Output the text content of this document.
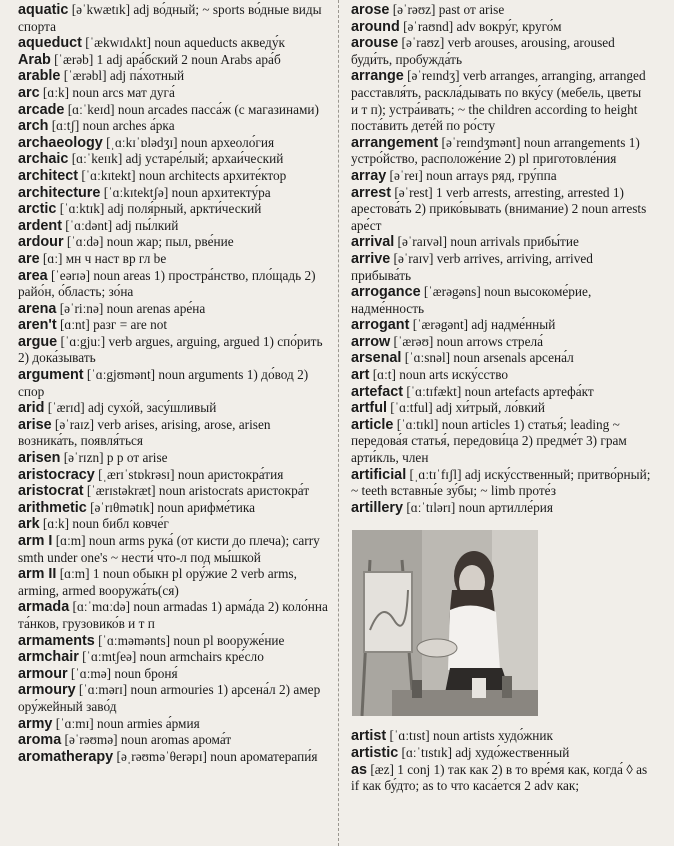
aquatic [əˈkwætɪk] adj во́дный; ~ sports во́дные виды спорта
aqueduct [ˈækwɪdʌkt] noun aqueducts акведу́к
Arab [ˈærəb] 1 adj ара́бский 2 noun Arabs ара́б
arable [ˈærəbl] adj па́хотный
arc [ɑːk] noun arcs мат дуга́
arcade [ɑːˈkeɪd] noun arcades пасса́ж (с магазинами)
arch [ɑːtʃ] noun arches а́рка
archaeology [ˌɑːkɪˈɒlədʒɪ] noun археоло́гия
archaic [ɑːˈkeɪɪk] adj устаре́лый; архаи́ческий
architect [ˈɑːkɪtekt] noun architects архите́ктор
architecture [ˈɑːkɪtektʃə] noun архитекту́ра
arctic [ˈɑːktɪk] adj поля́рный, аркти́ческий
ardent [ˈɑːdənt] adj пы́лкий
ardour [ˈɑːdə] noun жар; пыл, рве́ние
are [ɑː] мн ч наст вр гл be
area [ˈeərɪə] noun areas 1) простра́нство, пло́щадь 2) райо́н, о́бласть; зо́на
arena [əˈriːnə] noun arenas аре́на
aren't [ɑːnt] разг = are not
argue [ˈɑːgjuː] verb argues, arguing, argued 1) спо́рить 2) дока́зывать
argument [ˈɑːgjʊmənt] noun arguments 1) до́вод 2) спор
arid [ˈærɪd] adj сухо́й, засу́шливый
arise [əˈraɪz] verb arises, arising, arose, arisen возника́ть, появля́ться
arisen [əˈrɪzn] p p от arise
aristocracy [ˌærɪˈstɒkrəsɪ] noun аристокра́тия
aristocrat [ˈærɪstəkræt] noun aristocrats аристокра́т
arithmetic [əˈrɪθmətɪk] noun арифме́тика
ark [ɑːk] noun библ ковче́г
arm I [ɑːm] noun arms рука́ (от кисти до плеча); carry smth under one's ~ нести́ что-л под мы́шкой
arm II [ɑːm] 1 noun обыкн pl ору́жие 2 verb arms, arming, armed вооружа́ть(ся)
armada [ɑːˈmɑːdə] noun armadas 1) арма́да 2) коло́нна та́нков, грузовико́в и т п
armaments [ˈɑːməmənts] noun pl вооруже́ние
armchair [ˈɑːmtʃeə] noun armchairs кре́сло
armour [ˈɑːmə] noun броня́
armoury [ˈɑːmərɪ] noun armouries 1) арсена́л 2) амер ору́жейный заво́д
army [ˈɑːmɪ] noun armies а́рмия
aroma [əˈrəʊmə] noun aromas арома́т
aromatherapy [əˌrəʊməˈθerəpɪ] noun ароматерапи́я
arose [əˈrəʊz] past от arise
around [əˈraʊnd] adv вокру́г, круго́м
arouse [əˈraʊz] verb arouses, arousing, aroused буди́ть, пробужда́ть
arrange [əˈreɪndʒ] verb arranges, arranging, arranged расставля́ть, раскла́дывать по вку́су (мебель, цветы и т п); устра́ивать; ~ the children according to height поста́вить дете́й по ро́сту
arrangement [əˈreɪndʒmənt] noun arrangements 1) устро́йство, расположе́ние 2) pl приготовле́ния
array [əˈreɪ] noun arrays ряд, гру́ппа
arrest [əˈrest] 1 verb arrests, arresting, arrested 1) арестова́ть 2) прико́вывать (внимание) 2 noun arrests аре́ст
arrival [əˈraɪvəl] noun arrivals прибы́тие
arrive [əˈraɪv] verb arrives, arriving, arrived прибыва́ть
arrogance [ˈærəgəns] noun высокоме́рие, надме́нность
arrogant [ˈærəgənt] adj надме́нный
arrow [ˈærəʊ] noun arrows стрела́
arsenal [ˈɑːsnəl] noun arsenals арсена́л
art [ɑːt] noun arts иску́сство
artefact [ˈɑːtɪfækt] noun artefacts артефа́кт
artful [ˈɑːtful] adj хи́трый, ло́вкий
article [ˈɑːtɪkl] noun articles 1) статья́; leading ~ передова́я статья́, передови́ца 2) предме́т 3) грам арти́кль, член
artificial [ˌɑːtɪˈfɪʃl] adj иску́сственный; притво́рный; ~ teeth вставны́е зу́бы; ~ limb проте́з
artillery [ɑːˈtɪlərɪ] noun артилле́рия
artist [ˈɑːtɪst] noun artists худо́жник
artistic [ɑːˈtɪstɪk] adj худо́жественный
as [æz] 1 conj 1) так как 2) в то вре́мя как, когда́ ◊ as if как бу́дто; as to что каса́ется 2 adv как;
